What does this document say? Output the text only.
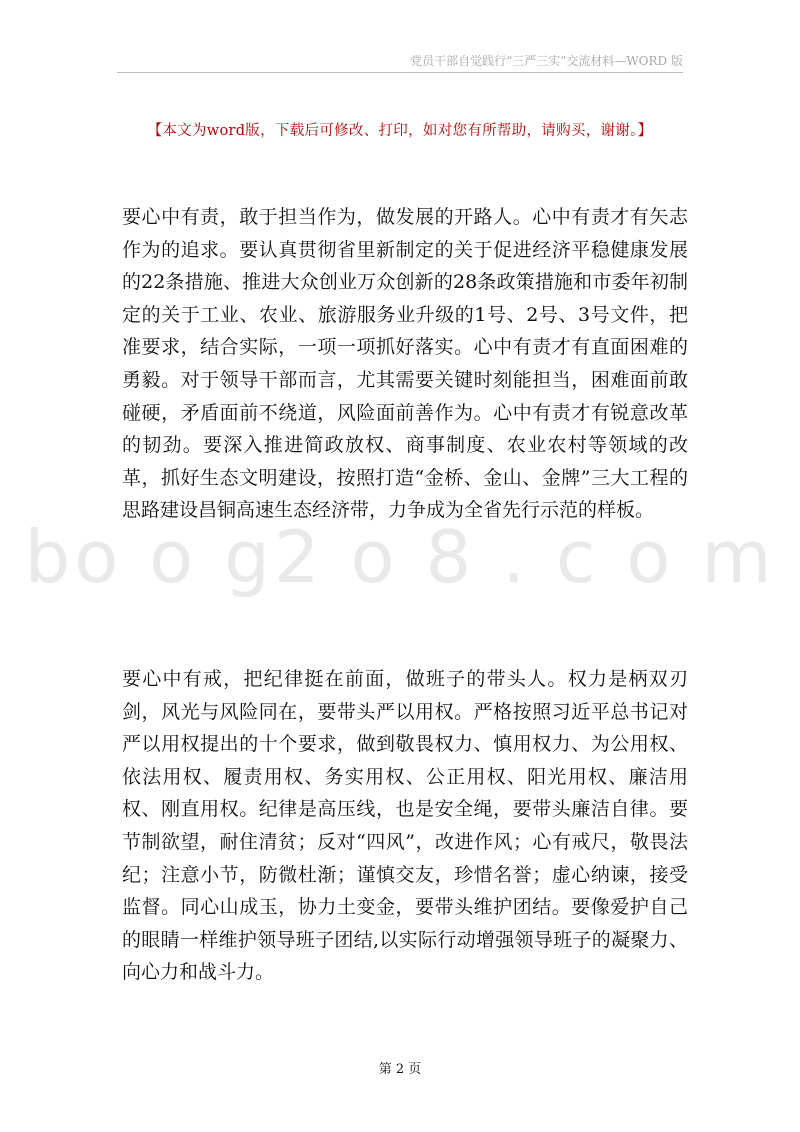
党员干部自觉践行“三严三实”交流材料—WORD 版
【本文为word版，下载后可修改、打印，如对您有所帮助，请购买，谢谢。】
bo o g2 o 8 . c o m

要心中有责，敢于担当作为，做发展的开路人。心中有责才有矢志作为的追求。要认真贯彻省里新制定的关于促进经济平稳健康发展的22条措施、推进大众创业万众创新的28条政策措施和市委年初制定的关于工业、农业、旅游服务业升级的1号、2号、3号文件，把准要求，结合实际，一项一项抓好落实。心中有责才有直面困难的勇毅。对于领导干部而言，尤其需要关键时刻能担当，困难面前敢碰硬，矛盾面前不绕道，风险面前善作为。心中有责才有锐意改革的韧劲。要深入推进简政放权、商事制度、农业农村等领域的改革，抓好生态文明建设，按照打造“金桥、金山、金牌”三大工程的思路建设昌铜高速生态经济带，力争成为全省先行示范的样板。

要心中有戒，把纪律挺在前面，做班子的带头人。权力是柄双刃剑，风光与风险同在，要带头严以用权。严格按照习近平总书记对严以用权提出的十个要求，做到敬畏权力、慎用权力、为公用权、依法用权、履责用权、务实用权、公正用权、阳光用权、廉洁用权、刚直用权。纪律是高压线，也是安全绳，要带头廉洁自律。要节制欲望，耐住清贫；反对“四风”，改进作风；心有戒尺，敬畏法纪；注意小节，防微杜渐；谨慎交友，珍惜名誉；虚心纳谏，接受监督。同心山成玉，协力土变金，要带头维护团结。要像爱护自己的眼睛一样维护领导班子团结,以实际行动增强领导班子的凝聚力、向心力和战斗力。

第 2 页
